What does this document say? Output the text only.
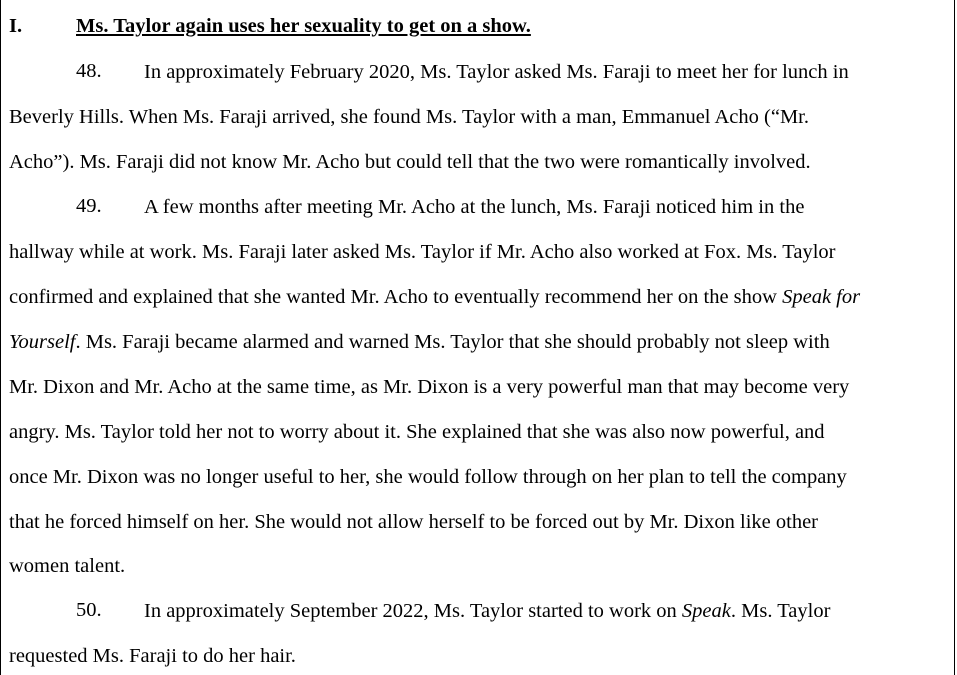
I.	Ms. Taylor again uses her sexuality to get on a show.
48. In approximately February 2020, Ms. Taylor asked Ms. Faraji to meet her for lunch in
Beverly Hills. When Ms. Faraji arrived, she found Ms. Taylor with a man, Emmanuel Acho (“Mr.
Acho”). Ms. Faraji did not know Mr. Acho but could tell that the two were romantically involved.
49. A few months after meeting Mr. Acho at the lunch, Ms. Faraji noticed him in the
hallway while at work. Ms. Faraji later asked Ms. Taylor if Mr. Acho also worked at Fox. Ms. Taylor
confirmed and explained that she wanted Mr. Acho to eventually recommend her on the show Speak for
Yourself. Ms. Faraji became alarmed and warned Ms. Taylor that she should probably not sleep with
Mr. Dixon and Mr. Acho at the same time, as Mr. Dixon is a very powerful man that may become very
angry. Ms. Taylor told her not to worry about it. She explained that she was also now powerful, and
once Mr. Dixon was no longer useful to her, she would follow through on her plan to tell the company
that he forced himself on her. She would not allow herself to be forced out by Mr. Dixon like other
women talent.
50. In approximately September 2022, Ms. Taylor started to work on Speak. Ms. Taylor
requested Ms. Faraji to do her hair.
